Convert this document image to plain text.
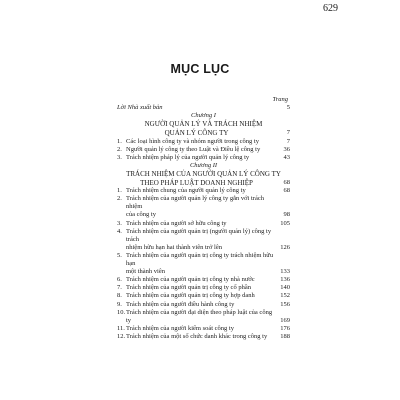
629
MỤC LỤC
Trang
Lời Nhà xuất bản	5
Chương I
NGƯỜI QUẢN LÝ VÀ TRÁCH NHIỆM
QUẢN LÝ CÔNG TY	7
1. Các loại hình công ty và nhóm người trong công ty	7
2. Người quản lý công ty theo Luật và Điều lệ công ty	36
3. Trách nhiệm pháp lý của người quản lý công ty	43
Chương II
TRÁCH NHIỆM CỦA NGƯỜI QUẢN LÝ CÔNG TY
THEO PHÁP LUẬT DOANH NGHIỆP	68
1. Trách nhiệm chung của người quản lý công ty	68
2. Trách nhiệm của người quản lý công ty gắn với trách nhiệm
của công ty	98
3. Trách nhiệm của người sở hữu công ty	105
4. Trách nhiệm của người quản trị (người quản lý) công ty trách
nhiệm hữu hạn hai thành viên trở lên	126
5. Trách nhiệm của người quản trị công ty trách nhiệm hữu hạn
một thành viên	133
6. Trách nhiệm của người quản trị công ty nhà nước	136
7. Trách nhiệm của người quản trị công ty cổ phần	140
8. Trách nhiệm của người quản trị công ty hợp danh	152
9. Trách nhiệm của người điều hành công ty	156
10. Trách nhiệm của người đại diện theo pháp luật của công ty	169
11. Trách nhiệm của người kiểm soát công ty	176
12. Trách nhiệm của một số chức danh khác trong công ty	188
